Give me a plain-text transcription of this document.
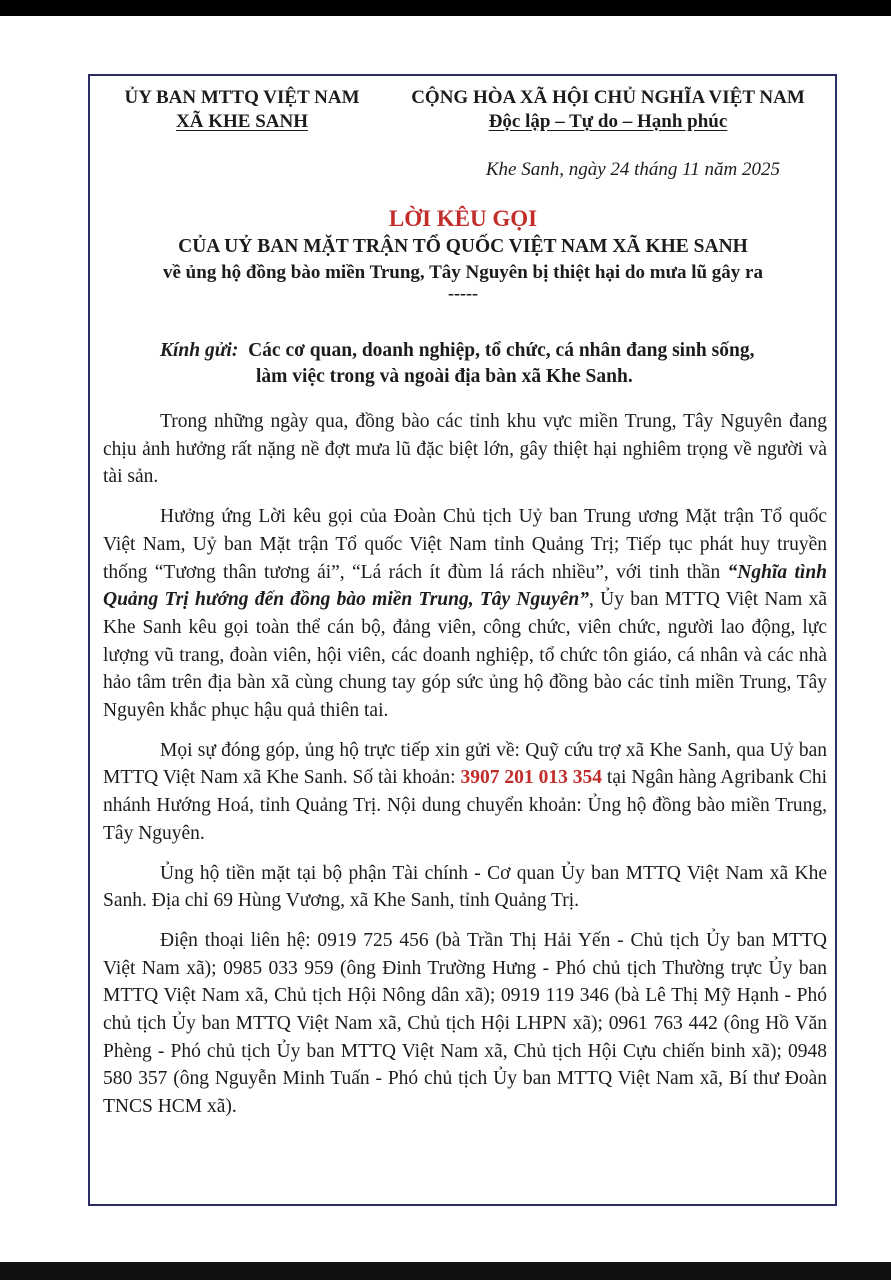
ỦY BAN MTTQ VIỆT NAM
XÃ KHE SANH
CỘNG HÒA XÃ HỘI CHỦ NGHĨA VIỆT NAM
Độc lập – Tự do – Hạnh phúc
Khe Sanh, ngày 24 tháng 11 năm 2025
LỜI KÊU GỌI
CỦA UỶ BAN MẶT TRẬN TỔ QUỐC VIỆT NAM XÃ KHE SANH
về ủng hộ đồng bào miền Trung, Tây Nguyên bị thiệt hại do mưa lũ gây ra
-----
Kính gửi: Các cơ quan, doanh nghiệp, tổ chức, cá nhân đang sinh sống,
làm việc trong và ngoài địa bàn xã Khe Sanh.

Trong những ngày qua, đồng bào các tỉnh khu vực miền Trung, Tây Nguyên đang chịu ảnh hưởng rất nặng nề đợt mưa lũ đặc biệt lớn, gây thiệt hại nghiêm trọng về người và tài sản.

Hưởng ứng Lời kêu gọi của Đoàn Chủ tịch Uỷ ban Trung ương Mặt trận Tổ quốc Việt Nam, Uỷ ban Mặt trận Tổ quốc Việt Nam tỉnh Quảng Trị; Tiếp tục phát huy truyền thống “Tương thân tương ái”, “Lá rách ít đùm lá rách nhiều”, với tinh thần “Nghĩa tình Quảng Trị hướng đến đồng bào miền Trung, Tây Nguyên”, Ủy ban MTTQ Việt Nam xã Khe Sanh kêu gọi toàn thể cán bộ, đảng viên, công chức, viên chức, người lao động, lực lượng vũ trang, đoàn viên, hội viên, các doanh nghiệp, tổ chức tôn giáo, cá nhân và các nhà hảo tâm trên địa bàn xã cùng chung tay góp sức ủng hộ đồng bào các tỉnh miền Trung, Tây Nguyên khắc phục hậu quả thiên tai.

Mọi sự đóng góp, ủng hộ trực tiếp xin gửi về: Quỹ cứu trợ xã Khe Sanh, qua Uỷ ban MTTQ Việt Nam xã Khe Sanh. Số tài khoản: 3907 201 013 354 tại Ngân hàng Agribank Chi nhánh Hướng Hoá, tỉnh Quảng Trị. Nội dung chuyển khoản: Ủng hộ đồng bào miền Trung, Tây Nguyên.

Ủng hộ tiền mặt tại bộ phận Tài chính - Cơ quan Ủy ban MTTQ Việt Nam xã Khe Sanh. Địa chỉ 69 Hùng Vương, xã Khe Sanh, tỉnh Quảng Trị.

Điện thoại liên hệ: 0919 725 456 (bà Trần Thị Hải Yến - Chủ tịch Ủy ban MTTQ Việt Nam xã); 0985 033 959 (ông Đinh Trường Hưng - Phó chủ tịch Thường trực Ủy ban MTTQ Việt Nam xã, Chủ tịch Hội Nông dân xã); 0919 119 346 (bà Lê Thị Mỹ Hạnh - Phó chủ tịch Ủy ban MTTQ Việt Nam xã, Chủ tịch Hội LHPN xã); 0961 763 442 (ông Hồ Văn Phèng - Phó chủ tịch Ủy ban MTTQ Việt Nam xã, Chủ tịch Hội Cựu chiến binh xã); 0948 580 357 (ông Nguyễn Minh Tuấn - Phó chủ tịch Ủy ban MTTQ Việt Nam xã, Bí thư Đoàn TNCS HCM xã).
